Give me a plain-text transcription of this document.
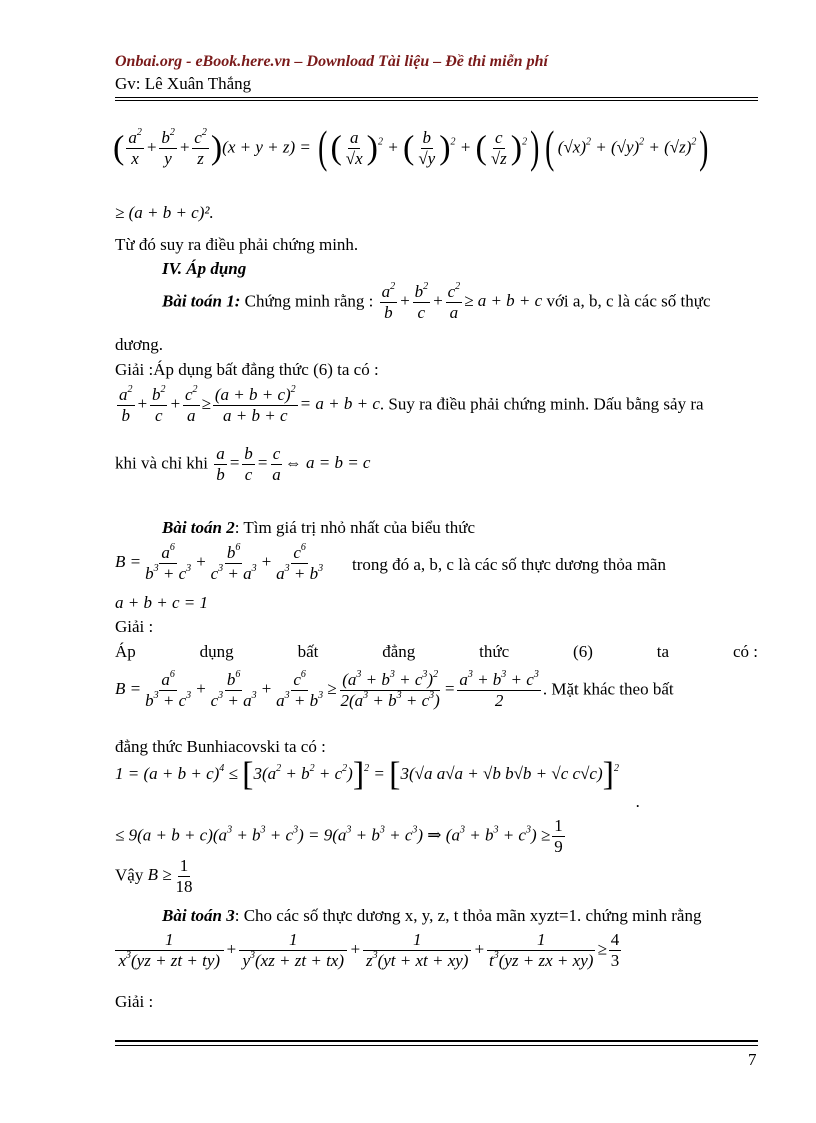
Onbai.org - eBook.here.vn – Download Tài liệu – Đề thi miễn phí
Gv: Lê Xuân Thắng
( $\frac{a^2}{x} + \frac{b^2}{y} + \frac{c^2}{z} )(x + y + z)$ = (( $\frac{a}{√x} )^2$ + ( $\frac{b}{√y} )^2$ + ( $\frac{c}{√z} )^2$) ( $(√x)^2 + (√y)^2 + (√z)^2$)
≥ (a + b + c)².
Từ đó suy ra điều phải chứng minh.
IV. Áp dụng
Bài toán 1: Chứng minh rằng : $\frac{a^2}{b} + \frac{b^2}{c} + \frac{c^2}{a} \ge a + b + c$ với a, b, c là các số thực
dương.
Giải :Áp dụng bất đẳng thức (6) ta có :
$\frac{a^2}{b} + \frac{b^2}{c} + \frac{c^2}{a} \ge \frac{(a + b + c)^2}{a + b + c} = a + b + c$. Suy ra điều phải chứng minh. Dấu bằng sảy ra
khi và chỉ khi $\frac{a}{b} = \frac{b}{c} = \frac{c}{a}$ ⇔ a = b = c
Bài toán 2: Tìm giá trị nhỏ nhất của biểu thức
$B = \frac{a^6}{b^3 + c^3} + \frac{b^6}{c^3 + a^3} + \frac{c^6}{a^3 + b^3}$ trong đó a, b, c là các số thực dương thỏa mãn
a + b + c = 1
Giải :
Áp	dụng	bất	đẳng	thức	(6)	ta	có :
$B = \frac{a^6}{b^3 + c^3} + \frac{b^6}{c^3 + a^3} + \frac{c^6}{a^3 + b^3} \ge \frac{(a^3 + b^3 + c^3)^2}{2(a^3 + b^3 + c^3)} = \frac{a^3 + b^3 + c^3}{2}$ . Mặt khác theo bất
đẳng thức Bunhiacovski ta có :
$1 = (a + b + c)^4 \le [3(a^2 + b^2 + c^2)]^2 = [3(√a$ a√a + √b b√b + √c c√c)]$^2$
.
≤ $9(a + b + c)(a^3 + b^3 + c^3) = 9(a^3 + b^3 + c^3)$ ⇒ $(a^3 + b^3 + c^3) \ge \frac{1}{9}$
Vậy $B \ge \frac{1}{18}$
Bài toán 3: Cho các số thực dương x, y, z, t thỏa mãn xyzt=1. chứng minh rằng
$\frac{1}{x^3(yz + zt + ty)} + \frac{1}{y^3(xz + zt + tx)} + \frac{1}{z^3(yt + xt + xy)} + \frac{1}{t^3(yz + zx + xy)} \ge \frac{4}{3}$
Giải :
7
